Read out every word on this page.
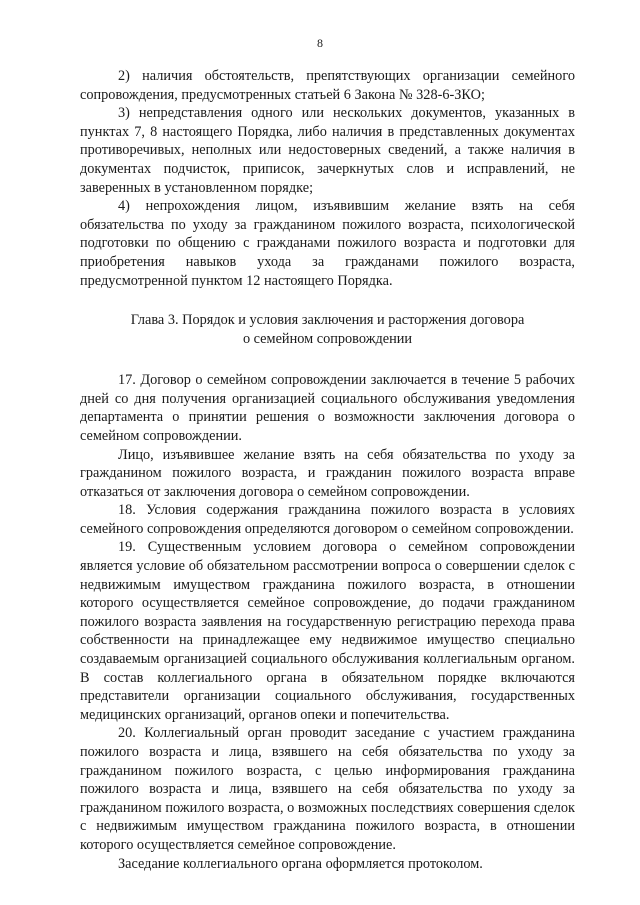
8

2) наличия обстоятельств, препятствующих организации семейного сопровождения, предусмотренных статьей 6 Закона № 328-6-ЗКО;

3) непредставления одного или нескольких документов, указанных в пунктах 7, 8 настоящего Порядка, либо наличия в представленных документах противоречивых, неполных или недостоверных сведений, а также наличия в документах подчисток, приписок, зачеркнутых слов и исправлений, не заверенных в установленном порядке;

4) непрохождения лицом, изъявившим желание взять на себя обязательства по уходу за гражданином пожилого возраста, психологической подготовки по общению с гражданами пожилого возраста и подготовки для приобретения навыков ухода за гражданами пожилого возраста, предусмотренной пунктом 12 настоящего Порядка.

Глава 3. Порядок и условия заключения и расторжения договора
о семейном сопровождении

17. Договор о семейном сопровождении заключается в течение 5 рабочих дней со дня получения организацией социального обслуживания уведомления департамента о принятии решения о возможности заключения договора о семейном сопровождении.

Лицо, изъявившее желание взять на себя обязательства по уходу за гражданином пожилого возраста, и гражданин пожилого возраста вправе отказаться от заключения договора о семейном сопровождении.

18. Условия содержания гражданина пожилого возраста в условиях семейного сопровождения определяются договором о семейном сопровождении.

19. Существенным условием договора о семейном сопровождении является условие об обязательном рассмотрении вопроса о совершении сделок с недвижимым имуществом гражданина пожилого возраста, в отношении которого осуществляется семейное сопровождение, до подачи гражданином пожилого возраста заявления на государственную регистрацию перехода права собственности на принадлежащее ему недвижимое имущество специально создаваемым организацией социального обслуживания коллегиальным органом. В состав коллегиального органа в обязательном порядке включаются представители организации социального обслуживания, государственных медицинских организаций, органов опеки и попечительства.

20. Коллегиальный орган проводит заседание с участием гражданина пожилого возраста и лица, взявшего на себя обязательства по уходу за гражданином пожилого возраста, с целью информирования гражданина пожилого возраста и лица, взявшего на себя обязательства по уходу за гражданином пожилого возраста, о возможных последствиях совершения сделок с недвижимым имуществом гражданина пожилого возраста, в отношении которого осуществляется семейное сопровождение.

Заседание коллегиального органа оформляется протоколом.
